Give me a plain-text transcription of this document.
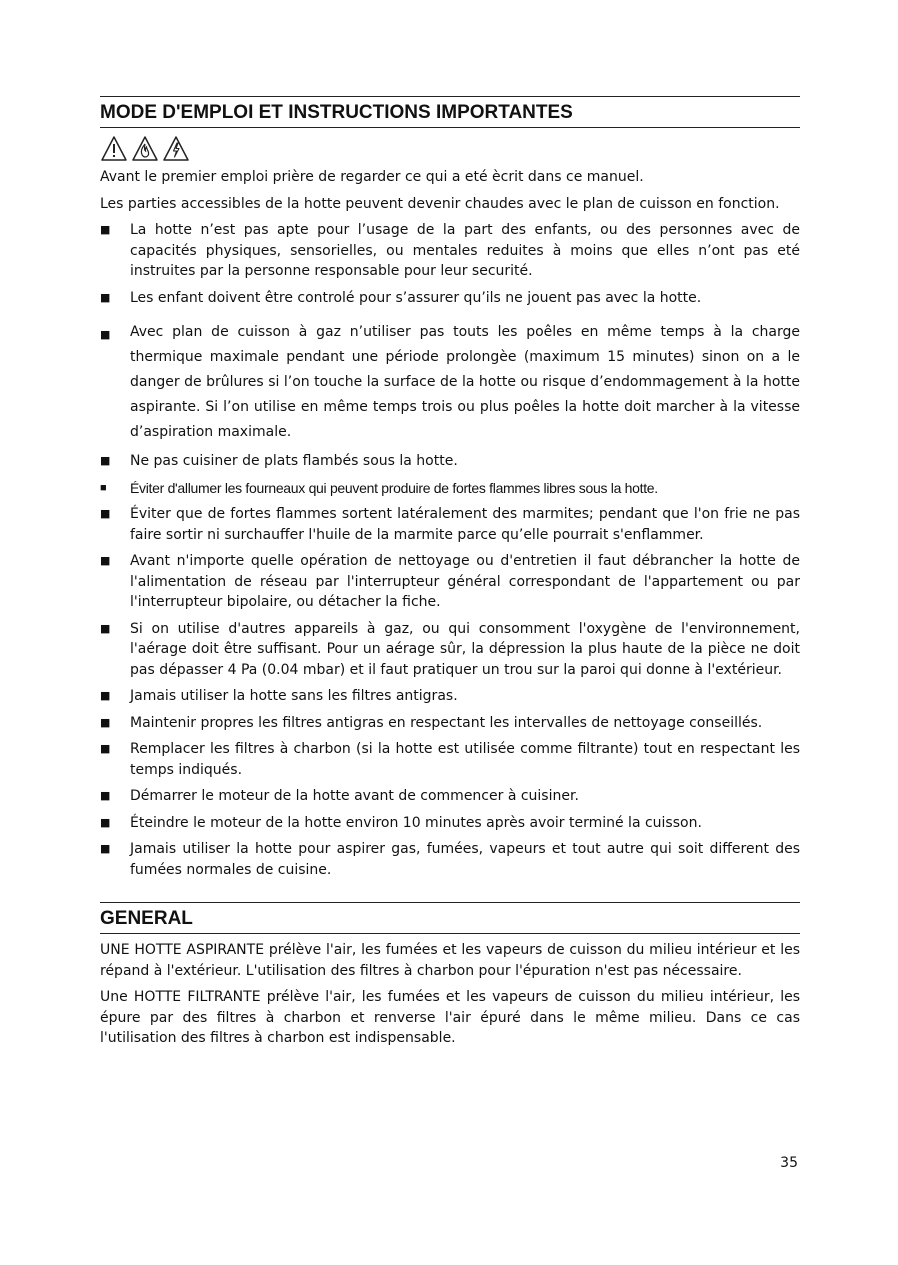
MODE D'EMPLOI ET INSTRUCTIONS IMPORTANTES

Avant le premier emploi prière de regarder ce qui a eté ècrit dans ce manuel.

Les parties accessibles de la hotte peuvent devenir chaudes avec le plan de cuisson en fonction.

■ La hotte n’est pas apte pour l’usage de la part des enfants, ou des personnes avec de capacités physiques, sensorielles, ou mentales reduites à moins que elles n’ont pas eté instruites par la personne responsable pour leur securité.
■ Les enfant doivent être controlé pour s’assurer qu’ils ne jouent pas avec la hotte.
■ Avec plan de cuisson à gaz n’utiliser pas touts les poêles en même temps à la charge thermique maximale pendant une période prolongèe (maximum 15 minutes) sinon on a le danger de brûlures si l’on touche la surface de la hotte ou risque d’endommagement à la hotte aspirante. Si l’on utilise en même temps trois ou plus poêles la hotte doit marcher à la vitesse d’aspiration maximale.
■ Ne pas cuisiner de plats flambés sous la hotte.
■ Éviter d'allumer les fourneaux qui peuvent produire de fortes flammes libres sous la hotte.
■ Éviter que de fortes flammes sortent latéralement des marmites; pendant que l'on frie ne pas faire sortir ni surchauffer l'huile de la marmite parce qu’elle pourrait s'enflammer.
■ Avant n'importe quelle opération de nettoyage ou d'entretien il faut débrancher la hotte de l'alimentation de réseau par l'interrupteur général correspondant de l'appartement ou par l'interrupteur bipolaire, ou détacher la fiche.
■ Si on utilise d'autres appareils à gaz, ou qui consomment l'oxygène de l'environnement, l'aérage doit être suffisant. Pour un aérage sûr, la dépression la plus haute de la pièce ne doit pas dépasser 4 Pa (0.04 mbar) et il faut pratiquer un trou sur la paroi qui donne à l'extérieur.
■ Jamais utiliser la hotte sans les filtres antigras.
■ Maintenir propres les filtres antigras en respectant les intervalles de nettoyage conseillés.
■ Remplacer les filtres à charbon (si la hotte est utilisée comme filtrante) tout en respectant les temps indiqués.
■ Démarrer le moteur de la hotte avant de commencer à cuisiner.
■ Éteindre le moteur de la hotte environ 10 minutes après avoir terminé la cuisson.
■ Jamais utiliser la hotte pour aspirer gas, fumées, vapeurs et tout autre qui soit different des fumées normales de cuisine.
GENERAL

UNE HOTTE ASPIRANTE prélève l'air, les fumées et les vapeurs de cuisson du milieu intérieur et les répand à l'extérieur. L'utilisation des filtres à charbon pour l'épuration n'est pas nécessaire.

Une HOTTE FILTRANTE prélève l'air, les fumées et les vapeurs de cuisson du milieu intérieur, les épure par des filtres à charbon et renverse l'air épuré dans le même milieu. Dans ce cas l'utilisation des filtres à charbon est indispensable.

35
